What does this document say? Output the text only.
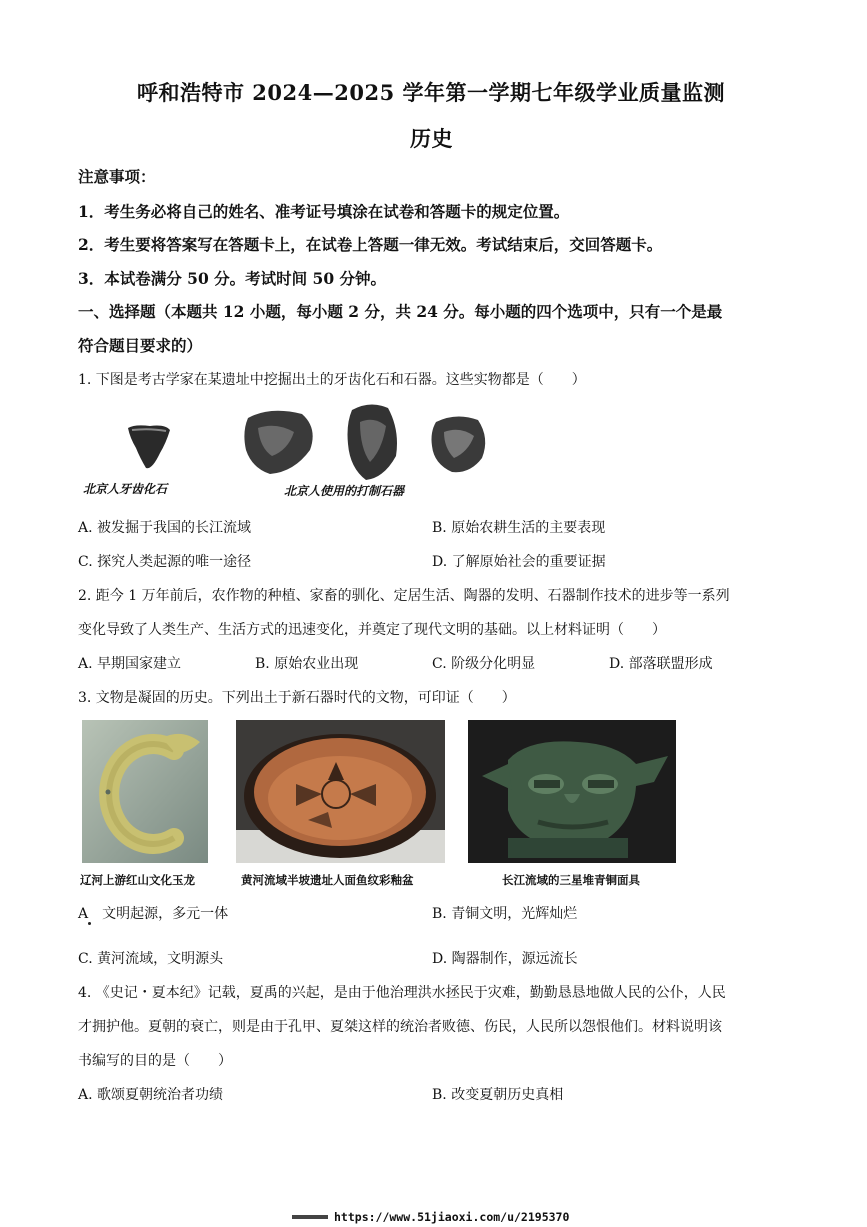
呼和浩特市 2024—2025 学年第一学期七年级学业质量监测
历史
注意事项：
1．考生务必将自己的姓名、准考证号填涂在试卷和答题卡的规定位置。
2．考生要将答案写在答题卡上，在试卷上答题一律无效。考试结束后，交回答题卡。
3．本试卷满分 50 分。考试时间 50 分钟。
一、选择题（本题共 12 小题，每小题 2 分，共 24 分。每小题的四个选项中，只有一个是最
符合题目要求的）
1. 下图是考古学家在某遗址中挖掘出土的牙齿化石和石器。这些实物都是（　　）
北京人牙齿化石	北京人使用的打制石器
A. 被发掘于我国的长江流域	B. 原始农耕生活的主要表现
C. 探究人类起源的唯一途径	D. 了解原始社会的重要证据
2. 距今 1 万年前后，农作物的种植、家畜的驯化、定居生活、陶器的发明、石器制作技术的进步等一系列
变化导致了人类生产、生活方式的迅速变化，并奠定了现代文明的基础。以上材料证明（　　）
A. 早期国家建立	B. 原始农业出现	C. 阶级分化明显	D. 部落联盟形成
3. 文物是凝固的历史。下列出土于新石器时代的文物，可印证（　　）
辽河上游红山文化玉龙	黄河流域半坡遗址人面鱼纹彩釉盆	长江流域的三星堆青铜面具
A　文明起源，多元一体	B. 青铜文明，光辉灿烂
C. 黄河流域，文明源头	D. 陶器制作，源远流长
4. 《史记・夏本纪》记载，夏禹的兴起，是由于他治理洪水拯民于灾难，勤勤恳恳地做人民的公仆，人民
才拥护他。夏朝的衰亡，则是由于孔甲、夏桀这样的统治者败德、伤民，人民所以怨恨他们。材料说明该
书编写的目的是（　　）
A. 歌颂夏朝统治者功绩	B. 改变夏朝历史真相
https://www.51jiaoxi.com/u/2195370
